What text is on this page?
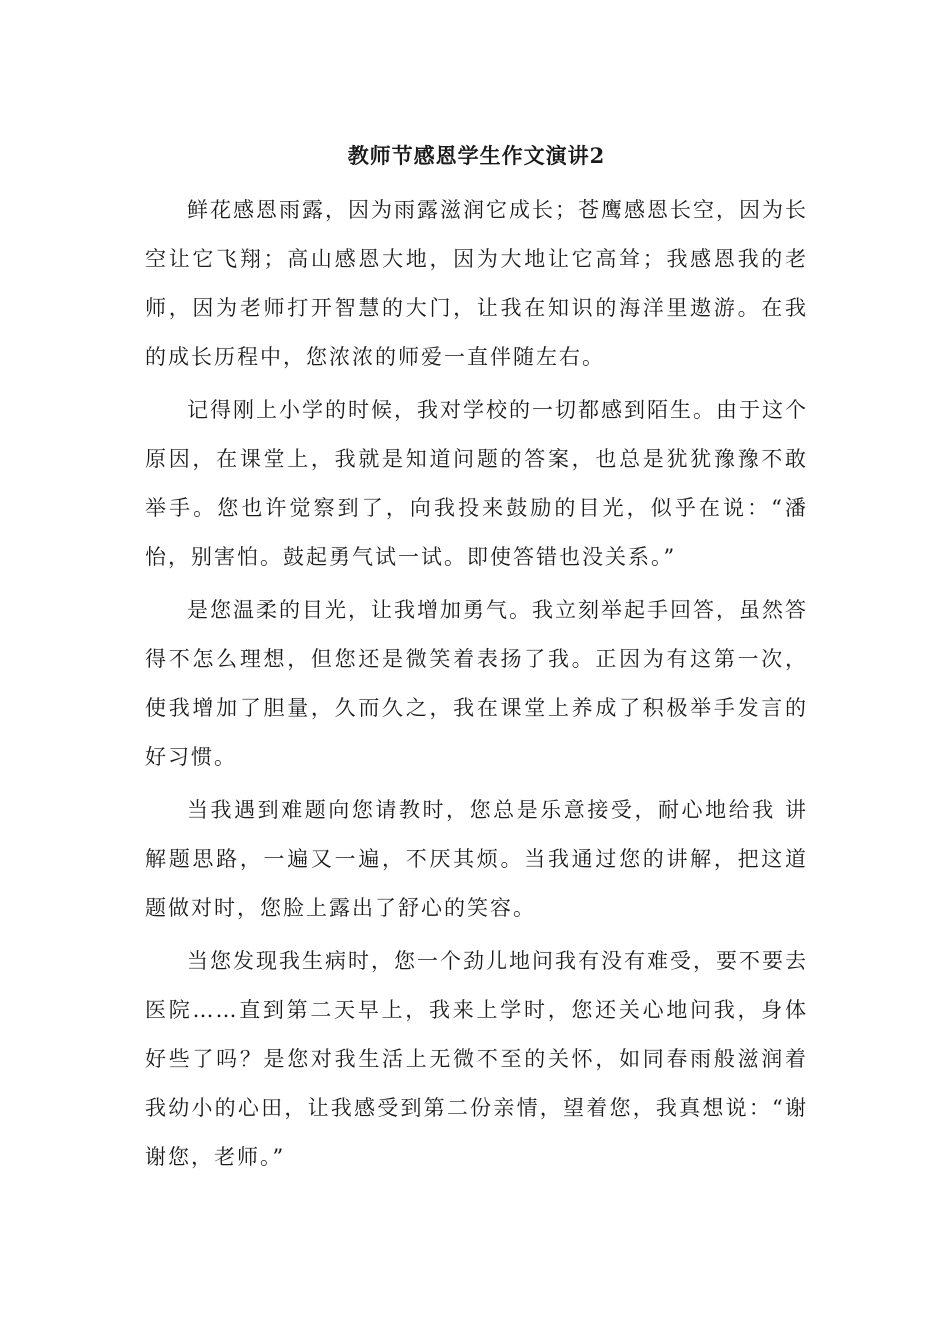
教师节感恩学生作文演讲2

鲜花感恩雨露，因为雨露滋润它成长；苍鹰感恩长空，因为长空让它飞翔；高山感恩大地，因为大地让它高耸；我感恩我的老师，因为老师打开智慧的大门，让我在知识的海洋里遨游。在我的成长历程中，您浓浓的师爱一直伴随左右。

记得刚上小学的时候，我对学校的一切都感到陌生。由于这个原因，在课堂上，我就是知道问题的答案，也总是犹犹豫豫不敢举手。您也许觉察到了，向我投来鼓励的目光，似乎在说：“潘怡，别害怕。鼓起勇气试一试。即使答错也没关系。”

是您温柔的目光，让我增加勇气。我立刻举起手回答，虽然答得不怎么理想，但您还是微笑着表扬了我。正因为有这第一次，使我增加了胆量，久而久之，我在课堂上养成了积极举手发言的好习惯。

当我遇到难题向您请教时，您总是乐意接受，耐心地给我 讲解题思路，一遍又一遍，不厌其烦。当我通过您的讲解，把这道题做对时，您脸上露出了舒心的笑容。

当您发现我生病时，您一个劲儿地问我有没有难受，要不要去医院……直到第二天早上，我来上学时，您还关心地问我，身体好些了吗？是您对我生活上无微不至的关怀，如同春雨般滋润着我幼小的心田，让我感受到第二份亲情，望着您，我真想说：“谢谢您，老师。”
